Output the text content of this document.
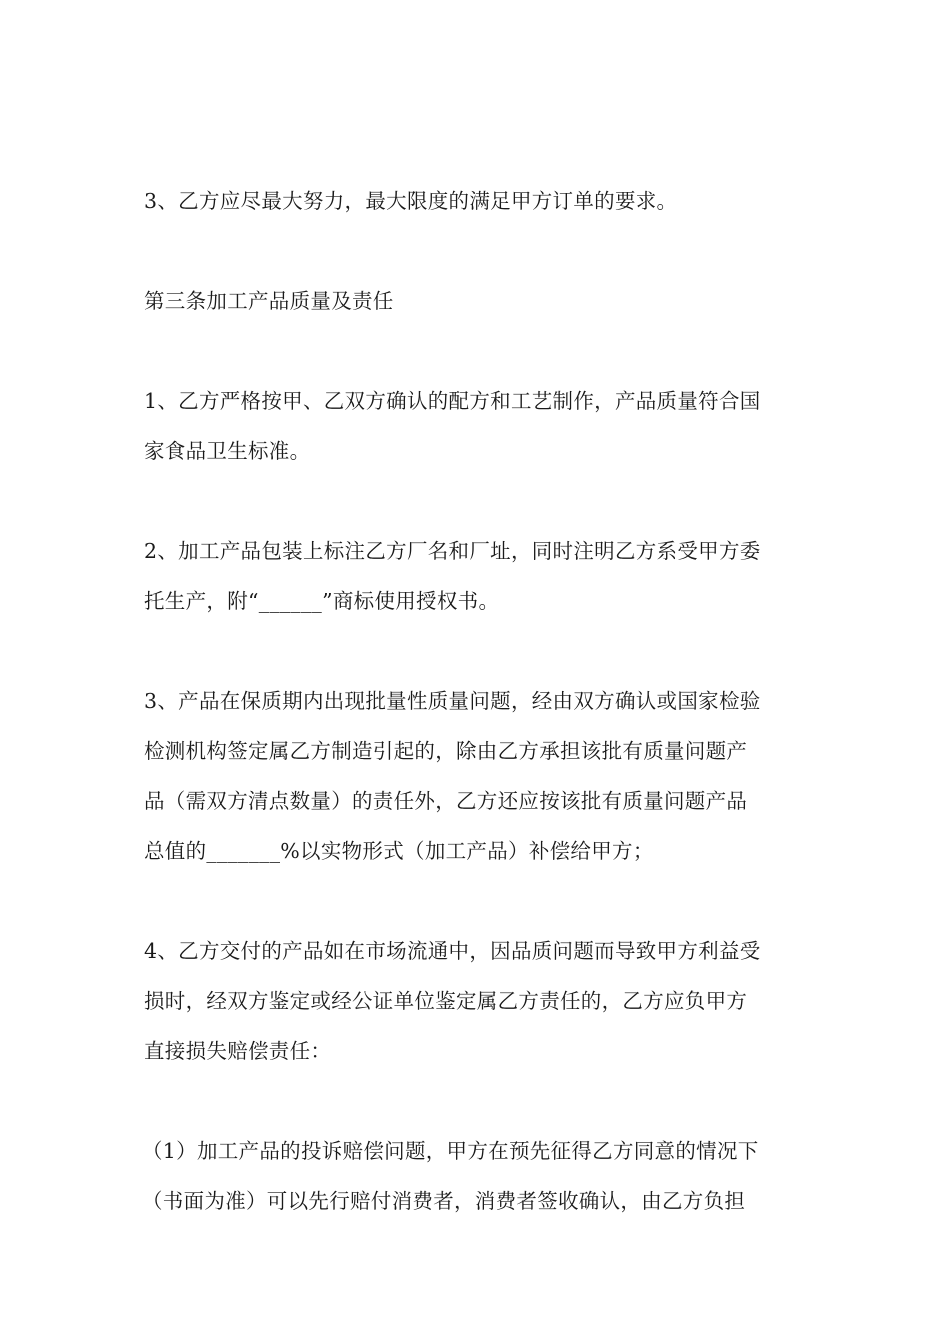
3、乙方应尽最大努力，最大限度的满足甲方订单的要求。

第三条加工产品质量及责任

1、乙方严格按甲、乙双方确认的配方和工艺制作，产品质量符合国
家食品卫生标准。

2、加工产品包装上标注乙方厂名和厂址，同时注明乙方系受甲方委
托生产，附“______”商标使用授权书。

3、产品在保质期内出现批量性质量问题，经由双方确认或国家检验
检测机构签定属乙方制造引起的，除由乙方承担该批有质量问题产
品（需双方清点数量）的责任外，乙方还应按该批有质量问题产品
总值的_______%以实物形式（加工产品）补偿给甲方；

4、乙方交付的产品如在市场流通中，因品质问题而导致甲方利益受
损时，经双方鉴定或经公证单位鉴定属乙方责任的，乙方应负甲方
直接损失赔偿责任：

（1）加工产品的投诉赔偿问题，甲方在预先征得乙方同意的情况下
（书面为准）可以先行赔付消费者，消费者签收确认，由乙方负担
